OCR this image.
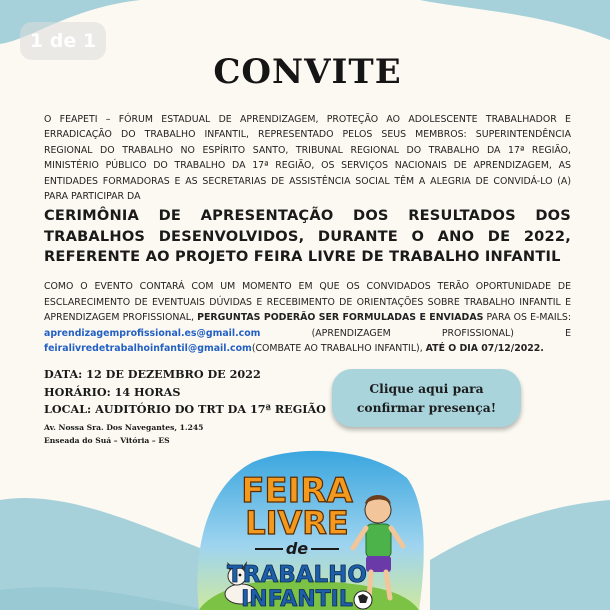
1 de 1
CONVITE

O FEAPETI – FÓRUM ESTADUAL DE APRENDIZAGEM, PROTEÇÃO AO ADOLESCENTE TRABALHADOR E ERRADICAÇÃO DO TRABALHO INFANTIL, REPRESENTADO PELOS SEUS MEMBROS: SUPERINTENDÊNCIA REGIONAL DO TRABALHO NO ESPÍRITO SANTO, TRIBUNAL REGIONAL DO TRABALHO DA 17ª REGIÃO, MINISTÉRIO PÚBLICO DO TRABALHO DA 17ª REGIÃO, OS SERVIÇOS NACIONAIS DE APRENDIZAGEM, AS ENTIDADES FORMADORAS E AS SECRETARIAS DE ASSISTÊNCIA SOCIAL TÊM A ALEGRIA DE CONVIDÁ-LO (A) PARA PARTICIPAR DA

CERIMÔNIA DE APRESENTAÇÃO DOS RESULTADOS DOS TRABALHOS DESENVOLVIDOS, DURANTE O ANO DE 2022, REFERENTE AO PROJETO FEIRA LIVRE DE TRABALHO INFANTIL

COMO O EVENTO CONTARÁ COM UM MOMENTO EM QUE OS CONVIDADOS TERÃO OPORTUNIDADE DE ESCLARECIMENTO DE EVENTUAIS DÚVIDAS E RECEBIMENTO DE ORIENTAÇÕES SOBRE TRABALHO INFANTIL E APRENDIZAGEM PROFISSIONAL, PERGUNTAS PODERÃO SER FORMULADAS E ENVIADAS PARA OS E-MAILS: aprendizagemprofissional.es@gmail.com (APRENDIZAGEM PROFISSIONAL) E feiralivredetrabalhoinfantil@gmail.com(COMBATE AO TRABALHO INFANTIL), ATÉ O DIA 07/12/2022.

DATA: 12 DE DEZEMBRO DE 2022
HORÁRIO: 14 HORAS
LOCAL: AUDITÓRIO DO TRT DA 17ª REGIÃO
Av. Nossa Sra. Dos Navegantes, 1.245
Enseada do Suá – Vitória – ES
Clique aqui para
confirmar presença!
FEIRA
LIVRE
de
TRABALHO
INFANTIL
